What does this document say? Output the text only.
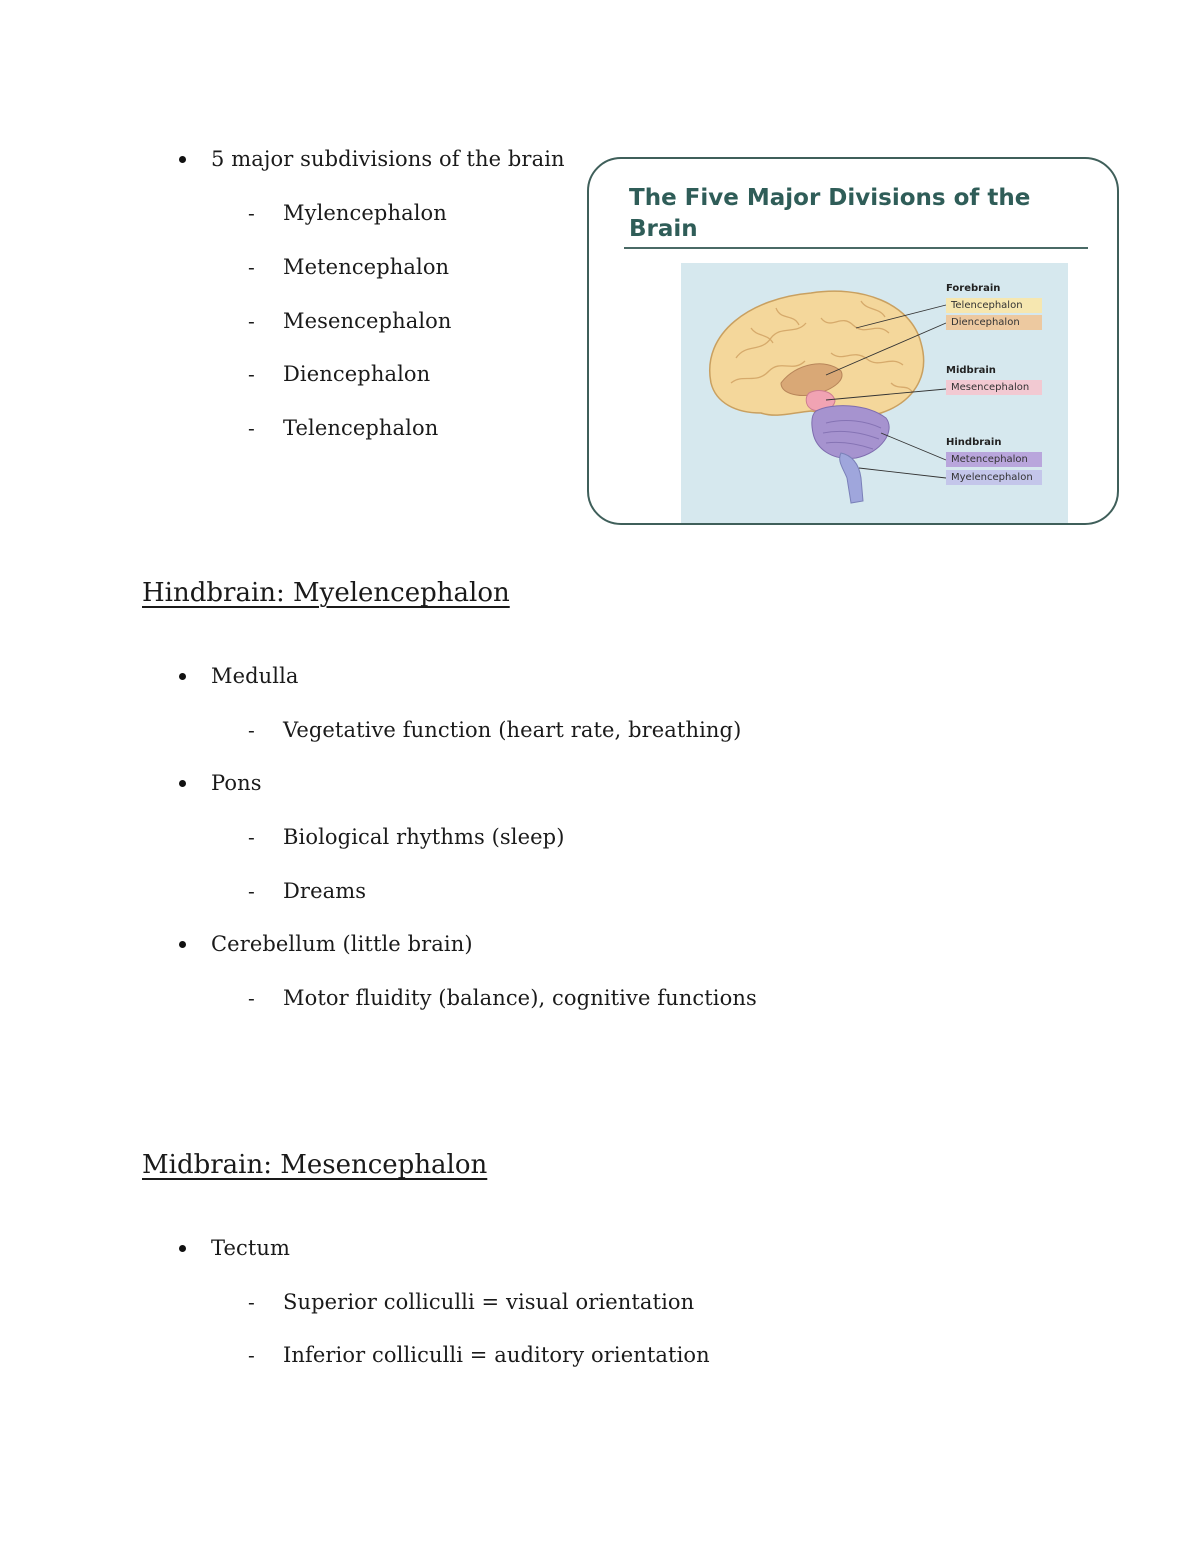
5 major subdivisions of the brain
- Mylencephalon
- Metencephalon
- Mesencephalon
- Diencephalon
- Telencephalon
The Five Major Divisions of the Brain
Forebrain
Telencephalon
Diencephalon
Midbrain
Mesencephalon
Hindbrain
Metencephalon
Myelencephalon
Hindbrain: Myelencephalon
Medulla
- Vegetative function (heart rate, breathing)
Pons
- Biological rhythms (sleep)
- Dreams
Cerebellum (little brain)
- Motor fluidity (balance), cognitive functions
Midbrain: Mesencephalon
Tectum
- Superior colliculli = visual orientation
- Inferior colliculli = auditory orientation
